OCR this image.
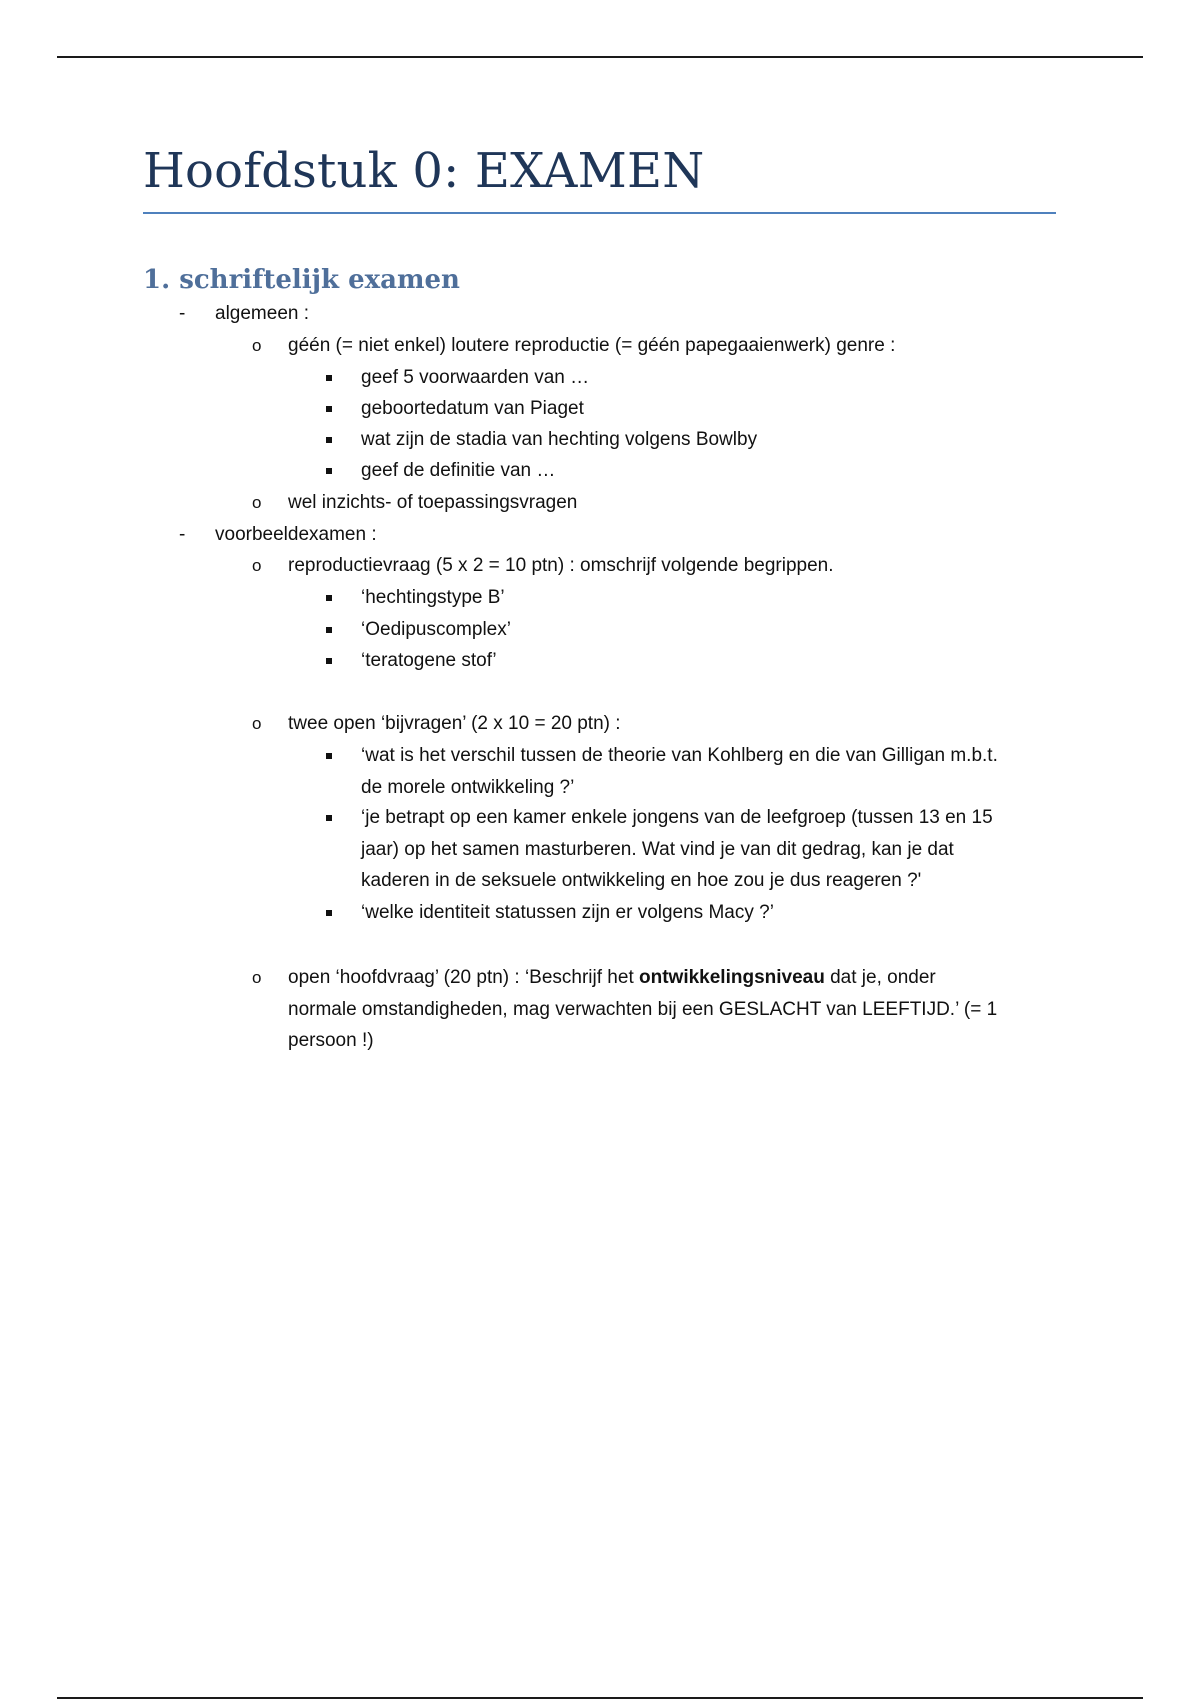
Hoofdstuk 0: EXAMEN
1. schriftelijk examen
-
algemeen :
o
géén (= niet enkel) loutere reproductie (= géén papegaaienwerk) genre :
geef 5 voorwaarden van …
geboortedatum van Piaget
wat zijn de stadia van hechting volgens Bowlby
geef de definitie van …
o
wel inzichts- of toepassingsvragen
-
voorbeeldexamen :
o
reproductievraag (5 x 2 = 10 ptn) : omschrijf volgende begrippen.
‘hechtingstype B’
‘Oedipuscomplex’
‘teratogene stof’
o
twee open ‘bijvragen’ (2 x 10 = 20 ptn) :
‘wat is het verschil tussen de theorie van Kohlberg en die van Gilligan m.b.t.
de morele ontwikkeling ?’
‘je betrapt op een kamer enkele jongens van de leefgroep (tussen 13 en 15
jaar) op het samen masturberen. Wat vind je van dit gedrag, kan je dat
kaderen in de seksuele ontwikkeling en hoe zou je dus reageren ?'
‘welke identiteit statussen zijn er volgens Macy ?’
o
open ‘hoofdvraag’ (20 ptn) : ‘Beschrijf het ontwikkelingsniveau dat je, onder
normale omstandigheden, mag verwachten bij een GESLACHT van LEEFTIJD.’ (= 1
persoon !)
